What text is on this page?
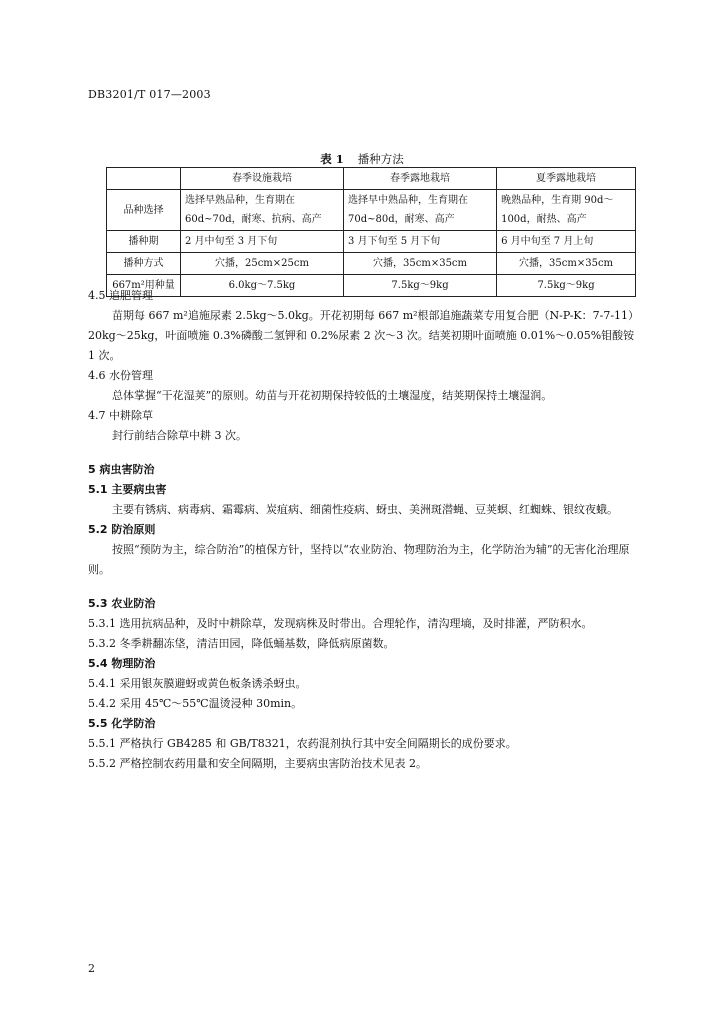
DB3201/T 017—2003
表 1 播种方法
	春季设施栽培	春季露地栽培	夏季露地栽培
品种选择	选择早熟品种，生育期在60d~70d，耐寒、抗病、高产	选择早中熟品种，生育期在70d~80d，耐寒、高产	晚熟品种，生育期 90d～100d，耐热、高产
播种期	2 月中旬至 3 月下旬	3 月下旬至 5 月下旬	6 月中旬至 7 月上旬
播种方式	穴播，25cm×25cm	穴播，35cm×35cm	穴播，35cm×35cm
667m²用种量	6.0kg～7.5kg	7.5kg～9kg	7.5kg～9kg

4.5 追肥管理

苗期每 667 m²追施尿素 2.5kg～5.0kg。开花初期每 667 m²根部追施蔬菜专用复合肥（N-P-K：7-7-11）20kg～25kg，叶面喷施 0.3%磷酸二氢钾和 0.2%尿素 2 次～3 次。结荚初期叶面喷施 0.01%～0.05%钼酸铵 1 次。

4.6 水份管理

总体掌握“干花湿荚”的原则。幼苗与开花初期保持较低的土壤湿度，结荚期保持土壤湿润。

4.7 中耕除草

封行前结合除草中耕 3 次。

5 病虫害防治

5.1 主要病虫害

主要有锈病、病毒病、霜霉病、炭疽病、细菌性疫病、蚜虫、美洲斑潜蝇、豆荚螟、红蜘蛛、银纹夜蛾。

5.2 防治原则

按照“预防为主，综合防治”的植保方针，坚持以“农业防治、物理防治为主，化学防治为辅”的无害化治理原则。

5.3 农业防治

5.3.1 选用抗病品种，及时中耕除草，发现病株及时带出。合理轮作，清沟理墒，及时排灌，严防积水。

5.3.2 冬季耕翻冻垡，清洁田园，降低蛹基数，降低病原菌数。

5.4 物理防治

5.4.1 采用银灰膜避蚜或黄色板条诱杀蚜虫。

5.4.2 采用 45℃～55℃温烫浸种 30min。

5.5 化学防治

5.5.1 严格执行 GB4285 和 GB/T8321，农药混剂执行其中安全间隔期长的成份要求。

5.5.2 严格控制农药用量和安全间隔期，主要病虫害防治技术见表 2。

2
